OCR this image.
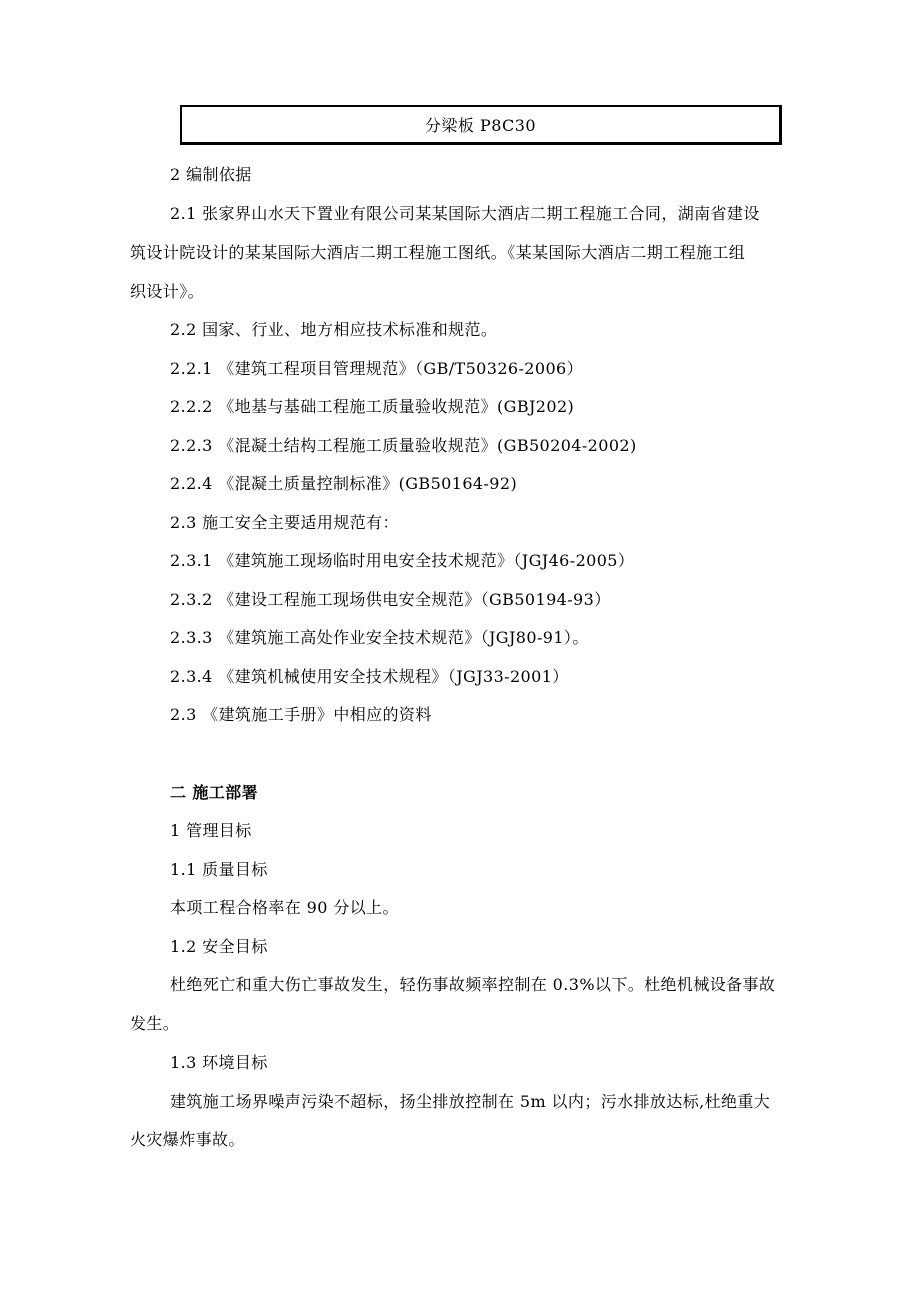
分梁板 P8C30
2 编制依据
2.1 张家界山水天下置业有限公司某某国际大酒店二期工程施工合同，湖南省建设
筑设计院设计的某某国际大酒店二期工程施工图纸。《某某国际大酒店二期工程施工组
织设计》。
2.2 国家、行业、地方相应技术标准和规范。
2.2.1 《建筑工程项目管理规范》（GB/T50326-2006）
2.2.2 《地基与基础工程施工质量验收规范》(GBJ202)
2.2.3 《混凝土结构工程施工质量验收规范》(GB50204-2002)
2.2.4 《混凝土质量控制标准》(GB50164-92)
2.3 施工安全主要适用规范有：
2.3.1 《建筑施工现场临时用电安全技术规范》（JGJ46-2005）
2.3.2 《建设工程施工现场供电安全规范》（GB50194-93）
2.3.3 《建筑施工高处作业安全技术规范》（JGJ80-91）。
2.3.4 《建筑机械使用安全技术规程》（JGJ33-2001）
2.3 《建筑施工手册》中相应的资料
二 施工部署
1 管理目标
1.1 质量目标
本项工程合格率在 90 分以上。
1.2 安全目标
杜绝死亡和重大伤亡事故发生，轻伤事故频率控制在 0.3%以下。杜绝机械设备事故
发生。
1.3 环境目标
建筑施工场界噪声污染不超标，扬尘排放控制在 5m 以内；污水排放达标,杜绝重大
火灾爆炸事故。
